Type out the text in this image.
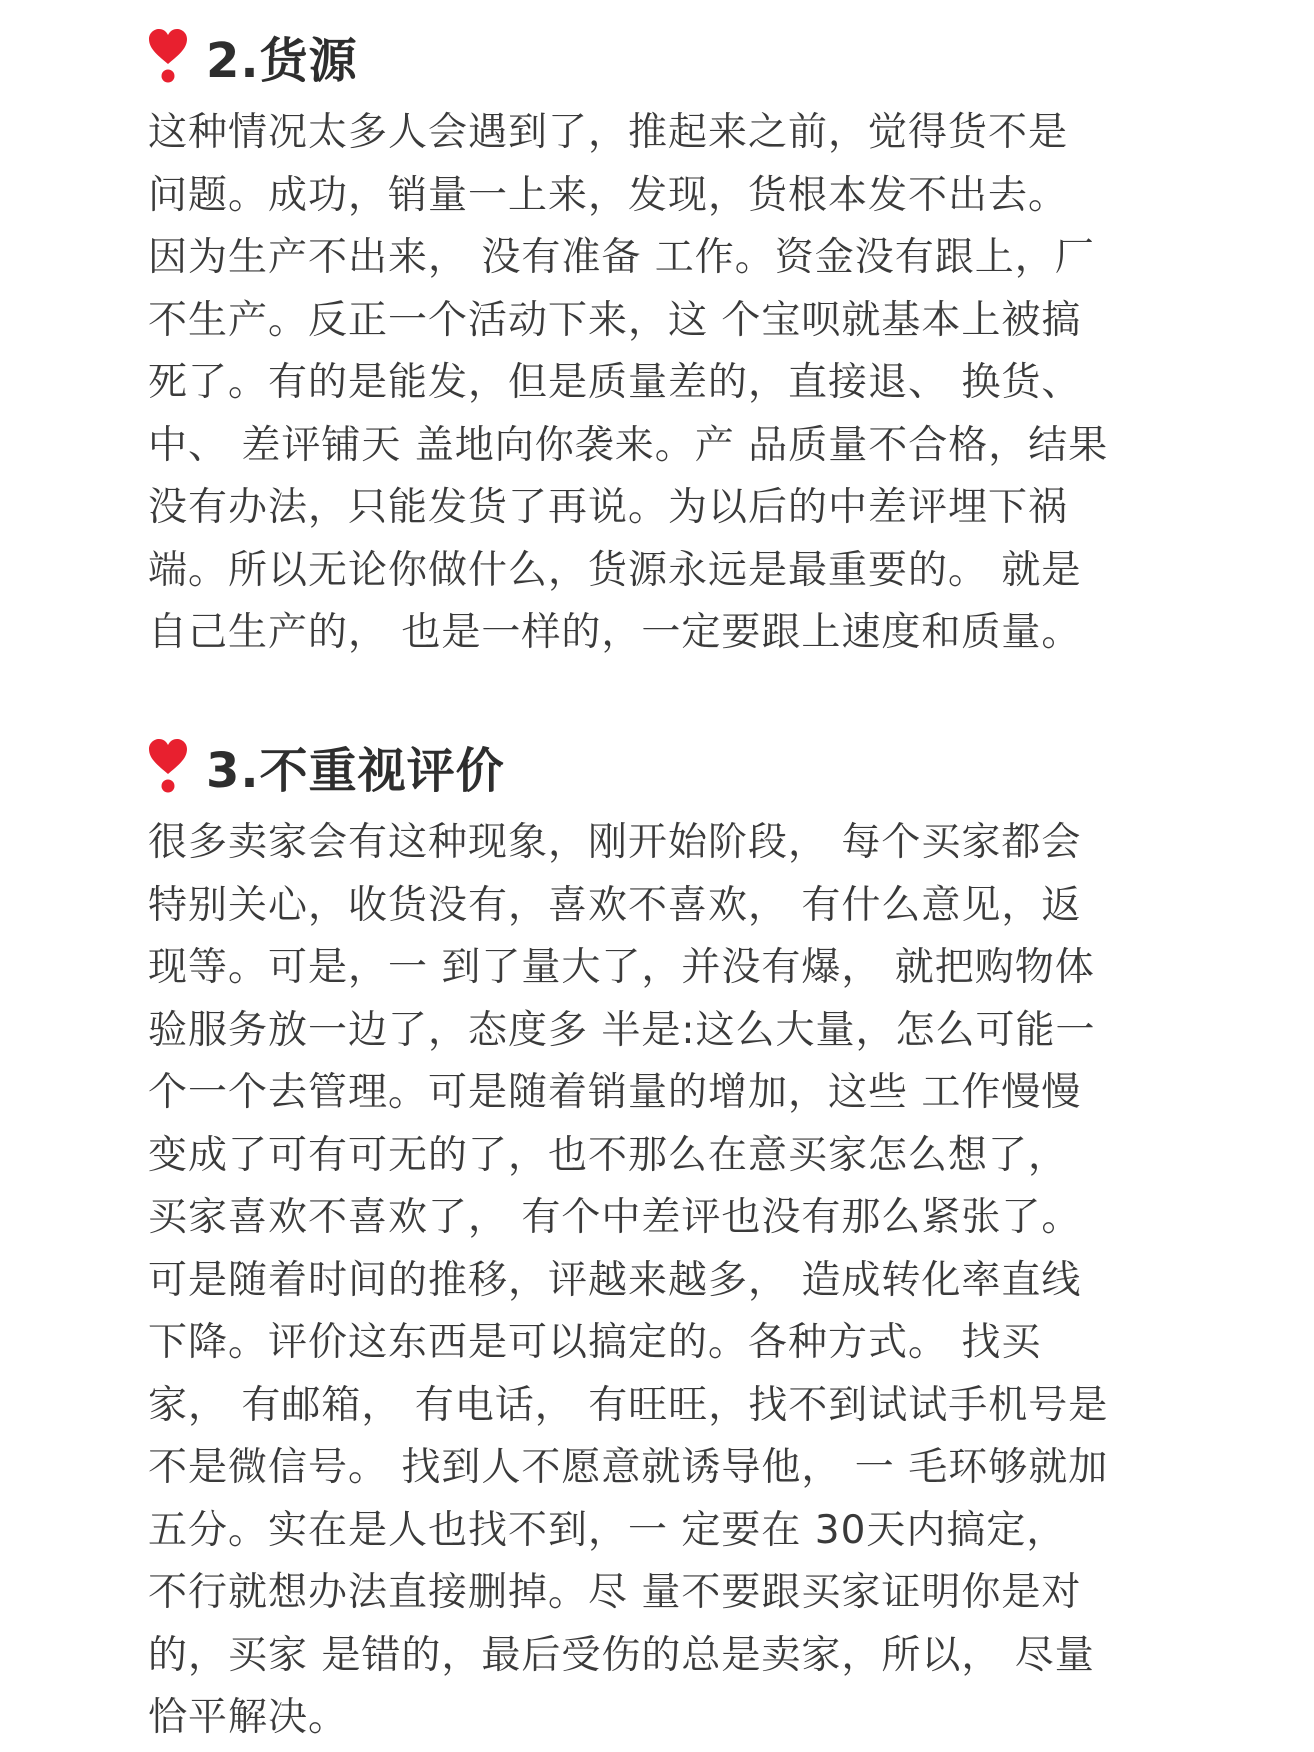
2.货源
这种情况太多人会遇到了，推起来之前，觉得货不是
问题。成功，销量一上来，发现，货根本发不出去。
因为生产不出来， 没有准备 工作。资金没有跟上，厂
不生产。反正一个活动下来，这 个宝呗就基本上被搞
死了。有的是能发，但是质量差的，直接退、 换货、
中、 差评铺天 盖地向你袭来。产 品质量不合格，结果
没有办法，只能发货了再说。为以后的中差评埋下祸
端。所以无论你做什么，货源永远是最重要的。 就是
自己生产的， 也是一样的，一定要跟上速度和质量。
3.不重视评价
很多卖家会有这种现象，刚开始阶段， 每个买家都会
特别关心，收货没有，喜欢不喜欢， 有什么意见，返
现等。可是，一 到了量大了，并没有爆， 就把购物体
验服务放一边了，态度多 半是:这么大量，怎么可能一
个一个去管理。可是随着销量的增加，这些 工作慢慢
变成了可有可无的了，也不那么在意买家怎么想了，
买家喜欢不喜欢了， 有个中差评也没有那么紧张了。
可是随着时间的推移，评越来越多， 造成转化率直线
下降。评价这东西是可以搞定的。各种方式。 找买
家， 有邮箱， 有电话， 有旺旺，找不到试试手机号是
不是微信号。 找到人不愿意就诱导他， 一 毛环够就加
五分。实在是人也找不到，一 定要在 30天内搞定，
不行就想办法直接删掉。尽 量不要跟买家证明你是对
的，买家 是错的，最后受伤的总是卖家，所以， 尽量
恰平解决。
